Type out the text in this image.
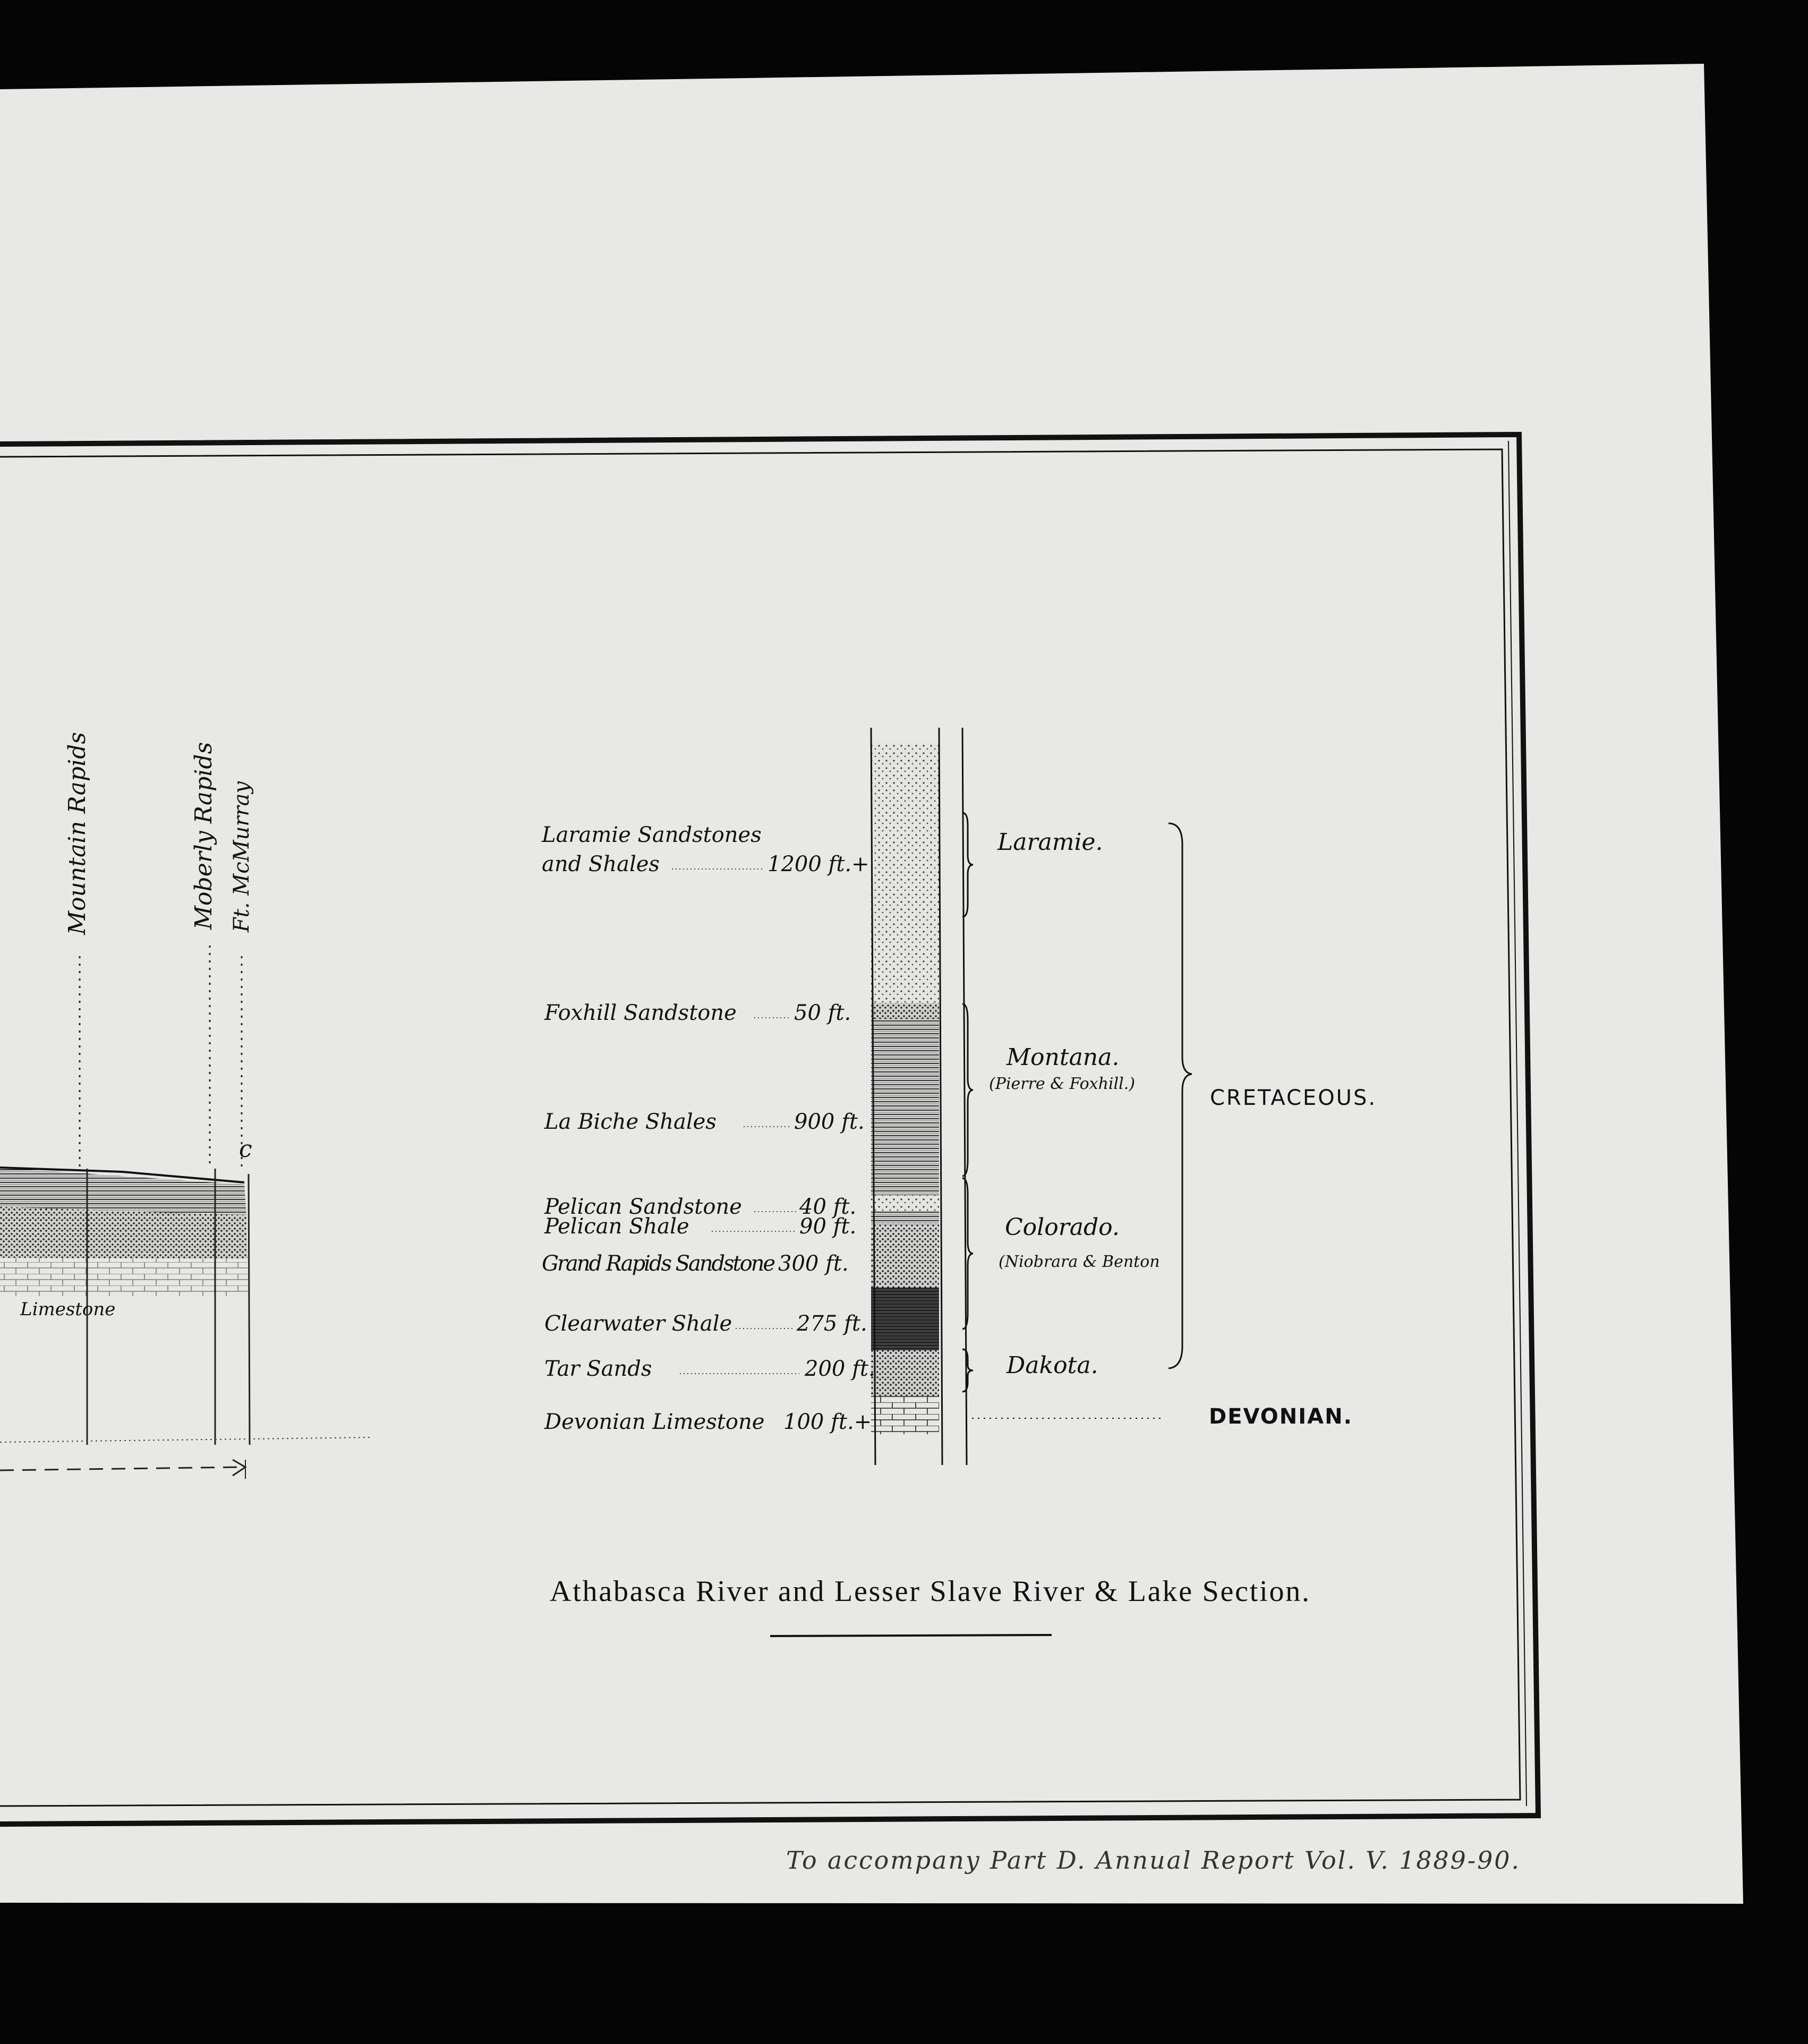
Mountain Rapids	Moberly Rapids Ft. McMurray
c
Limestone
Laramie Sandstones
and Shales	1200 ft.+
Foxhill Sandstone	50 ft.
La Biche Shales	900 ft.
Pelican Sandstone	40 ft.
Pelican Shale	90 ft.
Grand Rapids Sandstone 300 ft.
Clearwater Shale	275 ft.
Tar Sands	200 ft.
Devonian Limestone 100 ft.+
Laramie.
Montana.
(Pierre & Foxhill.)
Colorado.
(Niobrara & Benton
Dakota.
CRETACEOUS.
DEVONIAN.
Athabasca River and Lesser Slave River & Lake Section.
To accompany Part D. Annual Report Vol. V. 1889-90.
